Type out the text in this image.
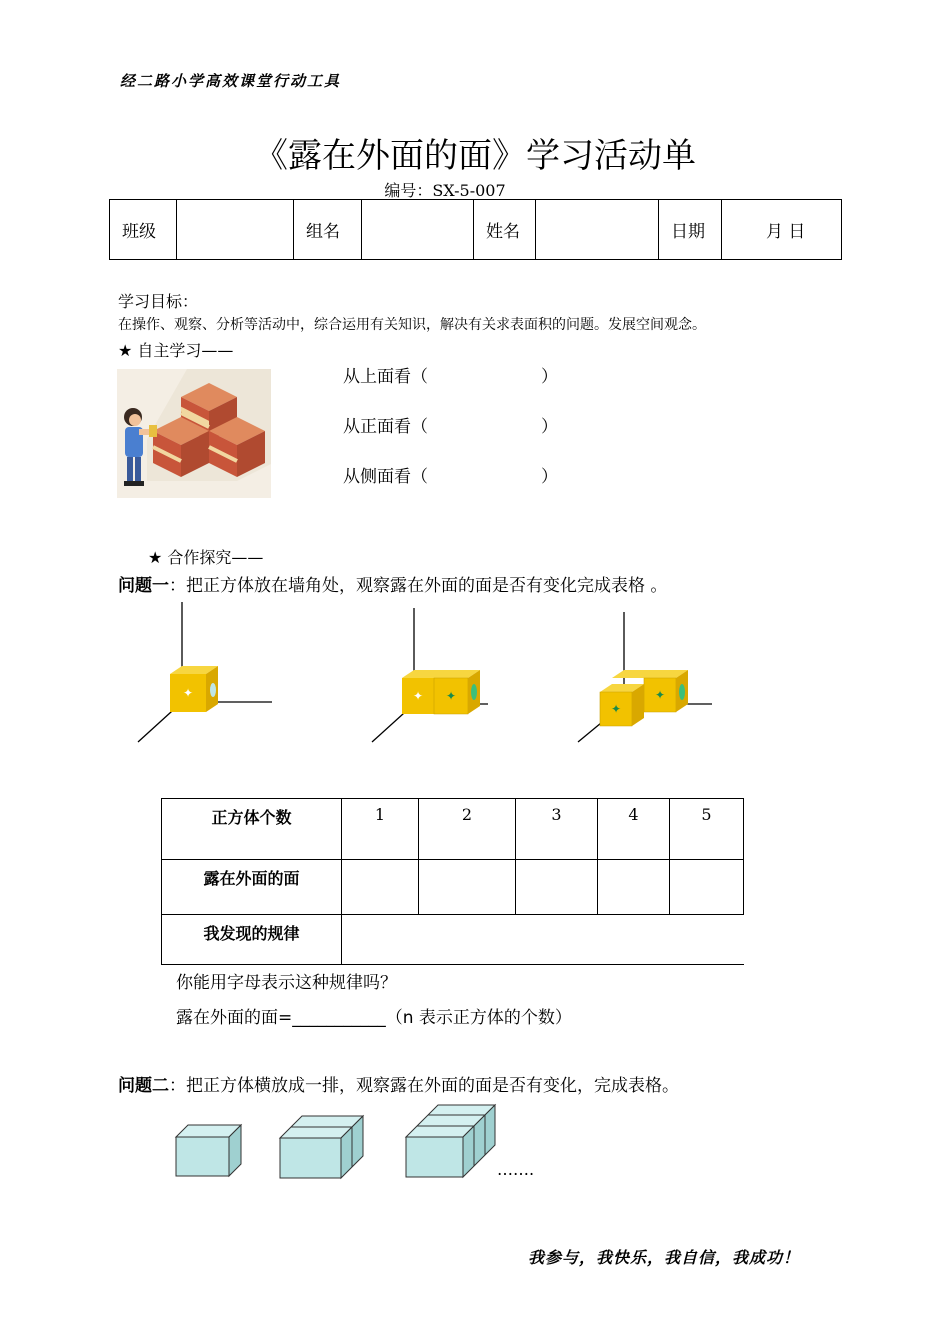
经二路小学高效课堂行动工具
《露在外面的面》学习活动单
编号：SX-5-007
班级		组名		姓名		日期	月 日
学习目标：
在操作、观察、分析等活动中，综合运用有关知识，解决有关求表面积的问题。发展空间观念。
★ 自主学习——
从上面看（	）
从正面看（	）
从侧面看（	）
★ 合作探究——
问题一：把正方体放在墙角处，观察露在外面的面是否有变化完成表格 。
✦	✦ ✦	✦
✦
正方体个数	1	2	3	4	5
露在外面的面					
我发现的规律					
你能用字母表示这种规律吗？
露在外面的面=___________（n 表示正方体的个数）
问题二：把正方体横放成一排，观察露在外面的面是否有变化，完成表格。
…….
我参与，我快乐，我自信，我成功！
